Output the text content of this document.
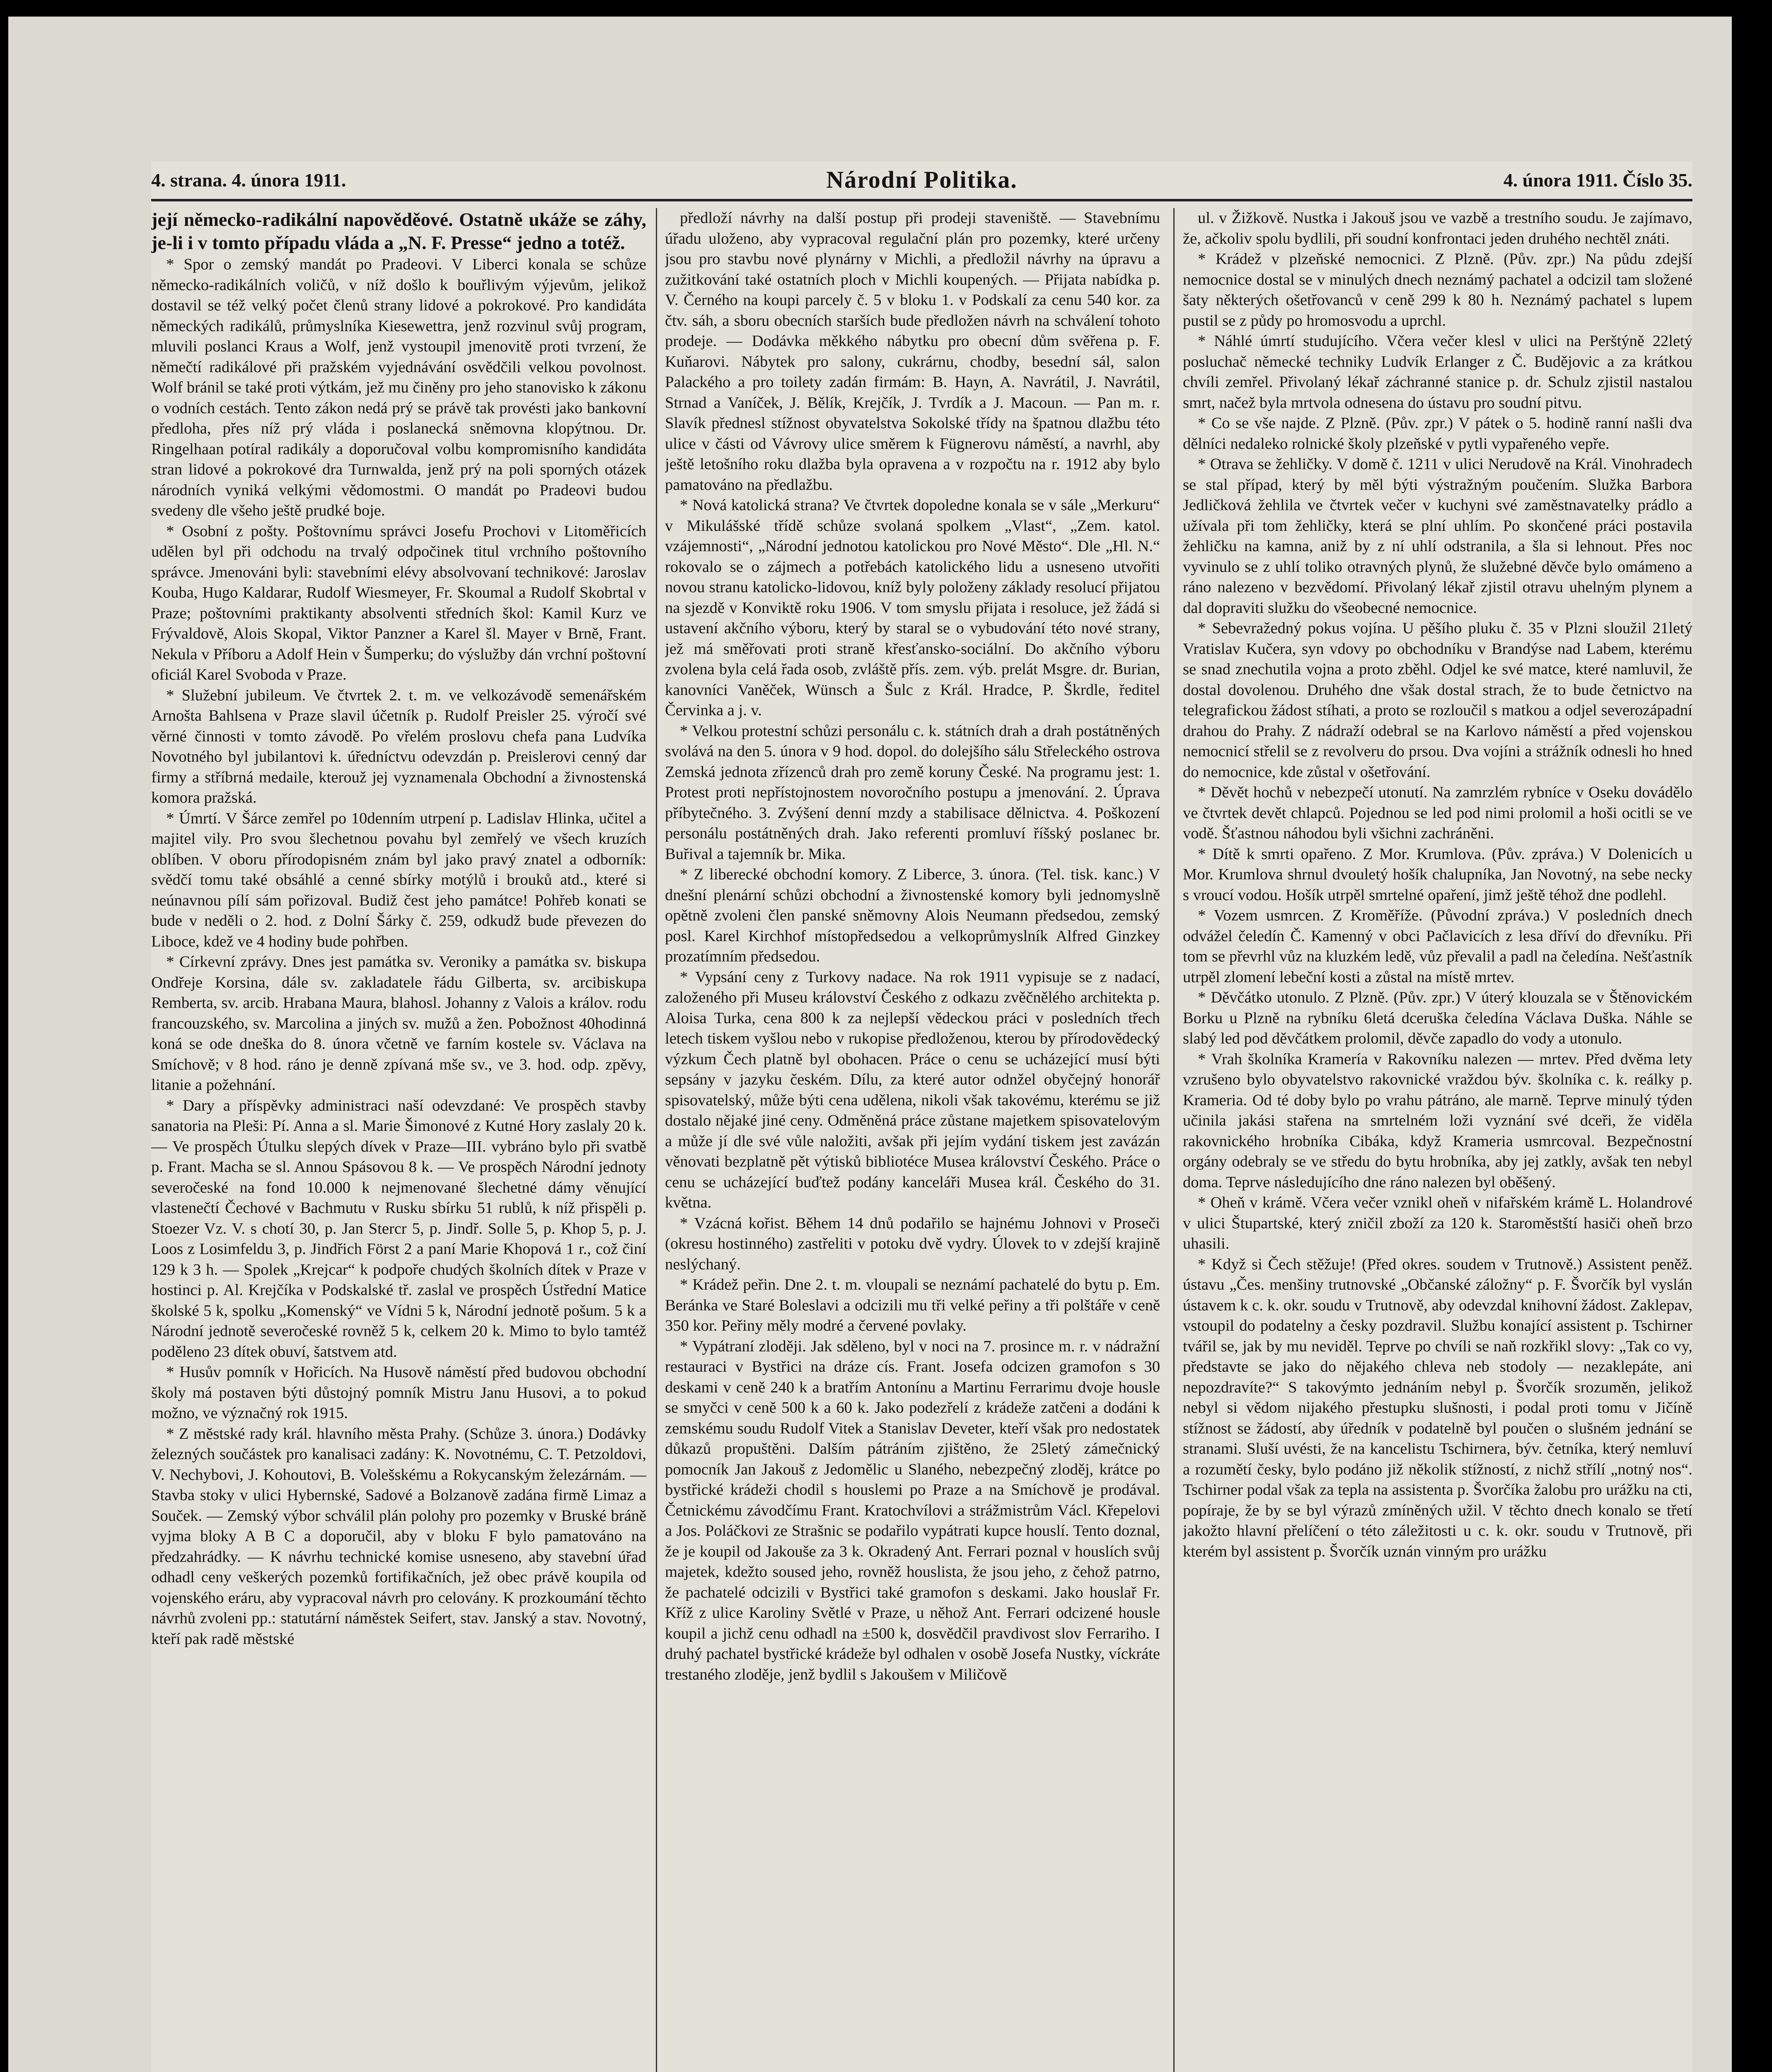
4. strana. 4. února 1911.	Národní Politika.	4. února 1911. Číslo 35.

její německo-radikální napověděové. Ostatně ukáže se záhy, je-li i v tomto případu vláda a „N. F. Presse“ jedno a totéž.

* Spor o zemský mandát po Pradeovi. V Liberci konala se schůze německo-radikálních voličů, v níž došlo k bouřlivým výjevům, jelikož dostavil se též velký počet členů strany lidové a pokrokové. Pro kandidáta německých radikálů, průmyslníka Kiesewettra, jenž rozvinul svůj program, mluvili poslanci Kraus a Wolf, jenž vystoupil jmenovitě proti tvrzení, že němečtí radikálové při pražském vyjednávání osvědčili velkou povolnost. Wolf bránil se také proti výtkám, jež mu činěny pro jeho stanovisko k zákonu o vodních cestách. Tento zákon nedá prý se právě tak provésti jako bankovní předloha, přes níž prý vláda i poslanecká sněmovna klopýtnou. Dr. Ringelhaan potíral radikály a doporučoval volbu kompromisního kandidáta stran lidové a pokrokové dra Turnwalda, jenž prý na poli sporných otázek národních vyniká velkými vědomostmi. O mandát po Pradeovi budou svedeny dle všeho ještě prudké boje.

* Osobní z pošty. Poštovnímu správci Josefu Prochovi v Litoměřicích udělen byl při odchodu na trvalý odpočinek titul vrchního poštovního správce. Jmenováni byli: stavebními elévy absolvovaní technikové: Jaroslav Kouba, Hugo Kaldarar, Rudolf Wiesmeyer, Fr. Skoumal a Rudolf Skobrtal v Praze; poštovními praktikanty absolventi středních škol: Kamil Kurz ve Frývaldově, Alois Skopal, Viktor Panzner a Karel šl. Mayer v Brně, Frant. Nekula v Příboru a Adolf Hein v Šumperku; do výslužby dán vrchní poštovní oficiál Karel Svoboda v Praze.

* Služební jubileum. Ve čtvrtek 2. t. m. ve velkozávodě semenářském Arnošta Bahlsena v Praze slavil účetník p. Rudolf Preisler 25. výročí své věrné činnosti v tomto závodě. Po vřelém proslovu chefa pana Ludvíka Novotného byl jubilantovi k. úředníctvu odevzdán p. Preislerovi cenný dar firmy a stříbrná medaile, kterouž jej vyznamenala Obchodní a živnostenská komora pražská.

* Úmrtí. V Šárce zemřel po 10denním utrpení p. Ladislav Hlinka, učitel a majitel vily. Pro svou šlechetnou povahu byl zemřelý ve všech kruzích oblíben. V oboru přírodopisném znám byl jako pravý znatel a odborník: svědčí tomu také obsáhlé a cenné sbírky motýlů i brouků atd., které si neúnavnou pílí sám pořizoval. Budiž čest jeho památce! Pohřeb konati se bude v neděli o 2. hod. z Dolní Šárky č. 259, odkudž bude převezen do Liboce, kdež ve 4 hodiny bude pohřben.

* Církevní zprávy. Dnes jest památka sv. Veroniky a památka sv. biskupa Ondřeje Korsina, dále sv. zakladatele řádu Gilberta, sv. arcibiskupa Remberta, sv. arcib. Hrabana Maura, blahosl. Johanny z Valois a králov. rodu francouzského, sv. Marcolina a jiných sv. mužů a žen. Pobožnost 40hodinná koná se ode dneška do 8. února včetně ve farním kostele sv. Václava na Smíchově; v 8 hod. ráno je denně zpívaná mše sv., ve 3. hod. odp. zpěvy, litanie a požehnání.

* Dary a příspěvky administraci naší odevzdané: Ve prospěch stavby sanatoria na Pleši: Pí. Anna a sl. Marie Šimonové z Kutné Hory zaslaly 20 k. — Ve prospěch Útulku slepých dívek v Praze—III. vybráno bylo při svatbě p. Frant. Macha se sl. Annou Spásovou 8 k. — Ve prospěch Národní jednoty severočeské na fond 10.000 k nejmenované šlechetné dámy věnující vlastenečtí Čechové v Bachmutu v Rusku sbírku 51 rublů, k níž přispěli p. Stoezer Vz. V. s chotí 30, p. Jan Stercr 5, p. Jindř. Solle 5, p. Khop 5, p. J. Loos z Losimfeldu 3, p. Jindřich Först 2 a paní Marie Khopová 1 r., což činí 129 k 3 h. — Spolek „Krejcar“ k podpoře chudých školních dítek v Praze v hostinci p. Al. Krejčíka v Podskalské tř. zaslal ve prospěch Ústřední Matice školské 5 k, spolku „Komenský“ ve Vídni 5 k, Národní jednotě pošum. 5 k a Národní jednotě severočeské rovněž 5 k, celkem 20 k. Mimo to bylo tamtéž poděleno 23 dítek obuví, šatstvem atd.

* Husův pomník v Hořicích. Na Husově náměstí před budovou obchodní školy má postaven býti důstojný pomník Mistru Janu Husovi, a to pokud možno, ve význačný rok 1915.

* Z městské rady král. hlavního města Prahy. (Schůze 3. února.) Dodávky železných součástek pro kanalisaci zadány: K. Novotnému, C. T. Petzoldovi, V. Nechybovi, J. Kohoutovi, B. Volešskému a Rokycanským železárnám. — Stavba stoky v ulici Hybernské, Sadové a Bolzanově zadána firmě Limaz a Souček. — Zemský výbor schválil plán polohy pro pozemky v Bruské bráně vyjma bloky A B C a doporučil, aby v bloku F bylo pamatováno na předzahrádky. — K návrhu technické komise usneseno, aby stavební úřad odhadl ceny veškerých pozemků fortifikačních, jež obec právě koupila od vojenského eráru, aby vypracoval návrh pro celovány. K prozkoumání těchto návrhů zvoleni pp.: statutární náměstek Seifert, stav. Janský a stav. Novotný, kteří pak radě městské

předloží návrhy na další postup při prodeji staveniště. — Stavebnímu úřadu uloženo, aby vypracoval regulační plán pro pozemky, které určeny jsou pro stavbu nové plynárny v Michli, a předložil návrhy na úpravu a zužitkování také ostatních ploch v Michli koupených. — Přijata nabídka p. V. Černého na koupi parcely č. 5 v bloku 1. v Podskalí za cenu 540 kor. za čtv. sáh, a sboru obecních starších bude předložen návrh na schválení tohoto prodeje. — Dodávka měkkého nábytku pro obecní dům svěřena p. F. Kuňarovi. Nábytek pro salony, cukrárnu, chodby, besední sál, salon Palackého a pro toilety zadán firmám: B. Hayn, A. Navrátil, J. Navrátil, Strnad a Vaníček, J. Bělík, Krejčík, J. Tvrdík a J. Macoun. — Pan m. r. Slavík přednesl stížnost obyvatelstva Sokolské třídy na špatnou dlažbu této ulice v části od Vávrovy ulice směrem k Fügnerovu náměstí, a navrhl, aby ještě letošního roku dlažba byla opravena a v rozpočtu na r. 1912 aby bylo pamatováno na předlažbu.

* Nová katolická strana? Ve čtvrtek dopoledne konala se v sále „Merkuru“ v Mikulášské třídě schůze svolaná spolkem „Vlast“, „Zem. katol. vzájemnosti“, „Národní jednotou katolickou pro Nové Město“. Dle „Hl. N.“ rokovalo se o zájmech a potřebách katolického lidu a usneseno utvořiti novou stranu katolicko-lidovou, kníž byly položeny základy resolucí přijatou na sjezdě v Konviktě roku 1906. V tom smyslu přijata i resoluce, jež žádá si ustavení akčního výboru, který by staral se o vybudování této nové strany, jež má směřovati proti straně křesťansko-sociální. Do akčního výboru zvolena byla celá řada osob, zvláště přís. zem. výb. prelát Msgre. dr. Burian, kanovníci Vaněček, Wünsch a Šulc z Král. Hradce, P. Škrdle, ředitel Červinka a j. v.

* Velkou protestní schůzi personálu c. k. státních drah a drah postátněných svolává na den 5. února v 9 hod. dopol. do dolejšího sálu Střeleckého ostrova Zemská jednota zřízenců drah pro země koruny České. Na programu jest: 1. Protest proti nepřístojnostem novoročního postupu a jmenování. 2. Úprava příbytečného. 3. Zvýšení denní mzdy a stabilisace dělnictva. 4. Poškození personálu postátněných drah. Jako referenti promluví říšský poslanec br. Buřival a tajemník br. Mika.

* Z liberecké obchodní komory. Z Liberce, 3. února. (Tel. tisk. kanc.) V dnešní plenární schůzi obchodní a živnostenské komory byli jednomyslně opětně zvoleni člen panské sněmovny Alois Neumann předsedou, zemský posl. Karel Kirchhof místopředsedou a velkoprůmyslník Alfred Ginzkey prozatímním předsedou.

* Vypsání ceny z Turkovy nadace. Na rok 1911 vypisuje se z nadací, založeného při Museu království Českého z odkazu zvěčnělého architekta p. Aloisa Turka, cena 800 k za nejlepší vědeckou práci v posledních třech letech tiskem vyšlou nebo v rukopise předloženou, kterou by přírodovědecký výzkum Čech platně byl obohacen. Práce o cenu se ucházející musí býti sepsány v jazyku českém. Dílu, za které autor odnžel obyčejný honorář spisovatelský, může býti cena udělena, nikoli však takovému, kterému se již dostalo nějaké jiné ceny. Odměněná práce zůstane majetkem spisovatelovým a může jí dle své vůle naložiti, avšak při jejím vydání tiskem jest zavázán věnovati bezplatně pět výtisků bibliotéce Musea království Českého. Práce o cenu se ucházející buďtež podány kanceláři Musea král. Českého do 31. května.

* Vzácná kořist. Během 14 dnů podařilo se hajnému Johnovi v Proseči (okresu hostinného) zastřeliti v potoku dvě vydry. Úlovek to v zdejší krajině neslýchaný.

* Krádež peřin. Dne 2. t. m. vloupali se neznámí pachatelé do bytu p. Em. Beránka ve Staré Boleslavi a odcizili mu tři velké peřiny a tři polštáře v ceně 350 kor. Peřiny měly modré a červené povlaky.

* Vypátraní zloději. Jak sděleno, byl v noci na 7. prosince m. r. v nádražní restauraci v Bystřici na dráze cís. Frant. Josefa odcizen gramofon s 30 deskami v ceně 240 k a bratřím Antonínu a Martinu Ferrarimu dvoje housle se smyčci v ceně 500 k a 60 k. Jako podezřelí z krádeže zatčeni a dodáni k zemskému soudu Rudolf Vitek a Stanislav Deveter, kteří však pro nedostatek důkazů propuštěni. Dalším pátráním zjištěno, že 25letý zámečnický pomocník Jan Jakouš z Jedomělic u Slaného, nebezpečný zloděj, krátce po bystřické krádeži chodil s houslemi po Praze a na Smíchově je prodával. Četnickému závodčímu Frant. Kratochvílovi a strážmistrům Václ. Křepelovi a Jos. Poláčkovi ze Strašnic se podařilo vypátrati kupce houslí. Tento doznal, že je koupil od Jakouše za 3 k. Okradený Ant. Ferrari poznal v houslích svůj majetek, kdežto soused jeho, rovněž houslista, že jsou jeho, z čehož patrno, že pachatelé odcizili v Bystřici také gramofon s deskami. Jako houslař Fr. Kříž z ulice Karoliny Světlé v Praze, u něhož Ant. Ferrari odcizené housle koupil a jichž cenu odhadl na ±500 k, dosvědčil pravdivost slov Ferrariho. I druhý pachatel bystřické krádeže byl odhalen v osobě Josefa Nustky, víckráte trestaného zloděje, jenž bydlil s Jakoušem v Miličově

ul. v Žižkově. Nustka i Jakouš jsou ve vazbě a trestního soudu. Je zajímavo, že, ačkoliv spolu bydlili, při soudní konfrontaci jeden druhého nechtěl znáti.

* Krádež v plzeňské nemocnici. Z Plzně. (Pův. zpr.) Na půdu zdejší nemocnice dostal se v minulých dnech neznámý pachatel a odcizil tam složené šaty některých ošetřovanců v ceně 299 k 80 h. Neznámý pachatel s lupem pustil se z půdy po hromosvodu a uprchl.

* Náhlé úmrtí studujícího. Včera večer klesl v ulici na Perštýně 22letý posluchač německé techniky Ludvík Erlanger z Č. Budějovic a za krátkou chvíli zemřel. Přivolaný lékař záchranné stanice p. dr. Schulz zjistil nastalou smrt, načež byla mrtvola odnesena do ústavu pro soudní pitvu.

* Co se vše najde. Z Plzně. (Pův. zpr.) V pátek o 5. hodině ranní našli dva dělníci nedaleko rolnické školy plzeňské v pytli vypařeného vepře.

* Otrava se žehličky. V domě č. 1211 v ulici Nerudově na Král. Vinohradech se stal případ, který by měl býti výstražným poučením. Služka Barbora Jedličková žehlila ve čtvrtek večer v kuchyni své zaměstnavatelky prádlo a užívala při tom žehličky, která se plní uhlím. Po skončené práci postavila žehličku na kamna, aniž by z ní uhlí odstranila, a šla si lehnout. Přes noc vyvinulo se z uhlí toliko otravných plynů, že služebné děvče bylo omámeno a ráno nalezeno v bezvědomí. Přivolaný lékař zjistil otravu uhelným plynem a dal dopraviti služku do všeobecné nemocnice.

* Sebevražedný pokus vojína. U pěšího pluku č. 35 v Plzni sloužil 21letý Vratislav Kučera, syn vdovy po obchodníku v Brandýse nad Labem, kterému se snad znechutila vojna a proto zběhl. Odjel ke své matce, které namluvil, že dostal dovolenou. Druhého dne však dostal strach, že to bude četnictvo na telegrafickou žádost stíhati, a proto se rozloučil s matkou a odjel severozápadní drahou do Prahy. Z nádraží odebral se na Karlovo náměstí a před vojenskou nemocnicí střelil se z revolveru do prsou. Dva vojíni a strážník odnesli ho hned do nemocnice, kde zůstal v ošetřování.

* Děvět hochů v nebezpečí utonutí. Na zamrzlém rybníce v Oseku dovádělo ve čtvrtek devět chlapců. Pojednou se led pod nimi prolomil a hoši ocitli se ve vodě. Šťastnou náhodou byli všichni zachráněni.

* Dítě k smrti opařeno. Z Mor. Krumlova. (Pův. zpráva.) V Dolenicích u Mor. Krumlova shrnul dvouletý hošík chalupníka, Jan Novotný, na sebe necky s vroucí vodou. Hošík utrpěl smrtelné opaření, jimž ještě téhož dne podlehl.

* Vozem usmrcen. Z Kroměříže. (Původní zpráva.) V posledních dnech odvážel čeledín Č. Kamenný v obci Pačlavicích z lesa dříví do dřevníku. Při tom se převrhl vůz na kluzkém ledě, vůz převalil a padl na čeledína. Nešťastník utrpěl zlomení lebeční kosti a zůstal na místě mrtev.

* Děvčátko utonulo. Z Plzně. (Pův. zpr.) V úterý klouzala se v Štěnovickém Borku u Plzně na rybníku 6letá dceruška čeledína Václava Duška. Náhle se slabý led pod děvčátkem prolomil, děvče zapadlo do vody a utonulo.

* Vrah školníka Kramería v Rakovníku nalezen — mrtev. Před dvěma lety vzrušeno bylo obyvatelstvo rakovnické vraždou býv. školníka c. k. reálky p. Krameria. Od té doby bylo po vrahu pátráno, ale marně. Teprve minulý týden učinila jakási stařena na smrtelném loži vyznání své dceři, že viděla rakovnického hrobníka Cibáka, když Krameria usmrcoval. Bezpečnostní orgány odebraly se ve středu do bytu hrobníka, aby jej zatkly, avšak ten nebyl doma. Teprve následujícího dne ráno nalezen byl oběšený.

* Oheň v krámě. Včera večer vznikl oheň v nifařském krámě L. Holandrové v ulici Štupartské, který zničil zboží za 120 k. Staroměstští hasiči oheň brzo uhasili.

* Když si Čech stěžuje! (Před okres. soudem v Trutnově.) Assistent peněž. ústavu „Čes. menšiny trutnovské „Občanské záložny“ p. F. Švorčík byl vyslán ústavem k c. k. okr. soudu v Trutnově, aby odevzdal knihovní žádost. Zaklepav, vstoupil do podatelny a česky pozdravil. Službu konající assistent p. Tschirner tvářil se, jak by mu neviděl. Teprve po chvíli se naň rozkřikl slovy: „Tak co vy, představte se jako do nějakého chleva neb stodoly — nezaklepáte, ani nepozdravíte?“ S takovýmto jednáním nebyl p. Švorčík srozuměn, jelikož nebyl si vědom nijakého přestupku slušnosti, i podal proti tomu v Jičíně stížnost se žádostí, aby úředník v podatelně byl poučen o slušném jednání se stranami. Sluší uvésti, že na kancelistu Tschirnera, býv. četníka, který nemluví a rozumětí česky, bylo podáno již několik stížností, z nichž střílí „notný nos“. Tschirner podal však za tepla na assistenta p. Švorčíka žalobu pro urážku na cti, popíraje, že by se byl výrazů zmíněných užil. V těchto dnech konalo se třetí jakožto hlavní přelíčení o této záležitosti u c. k. okr. soudu v Trutnově, při kterém byl assistent p. Švorčík uznán vinným pro urážku
